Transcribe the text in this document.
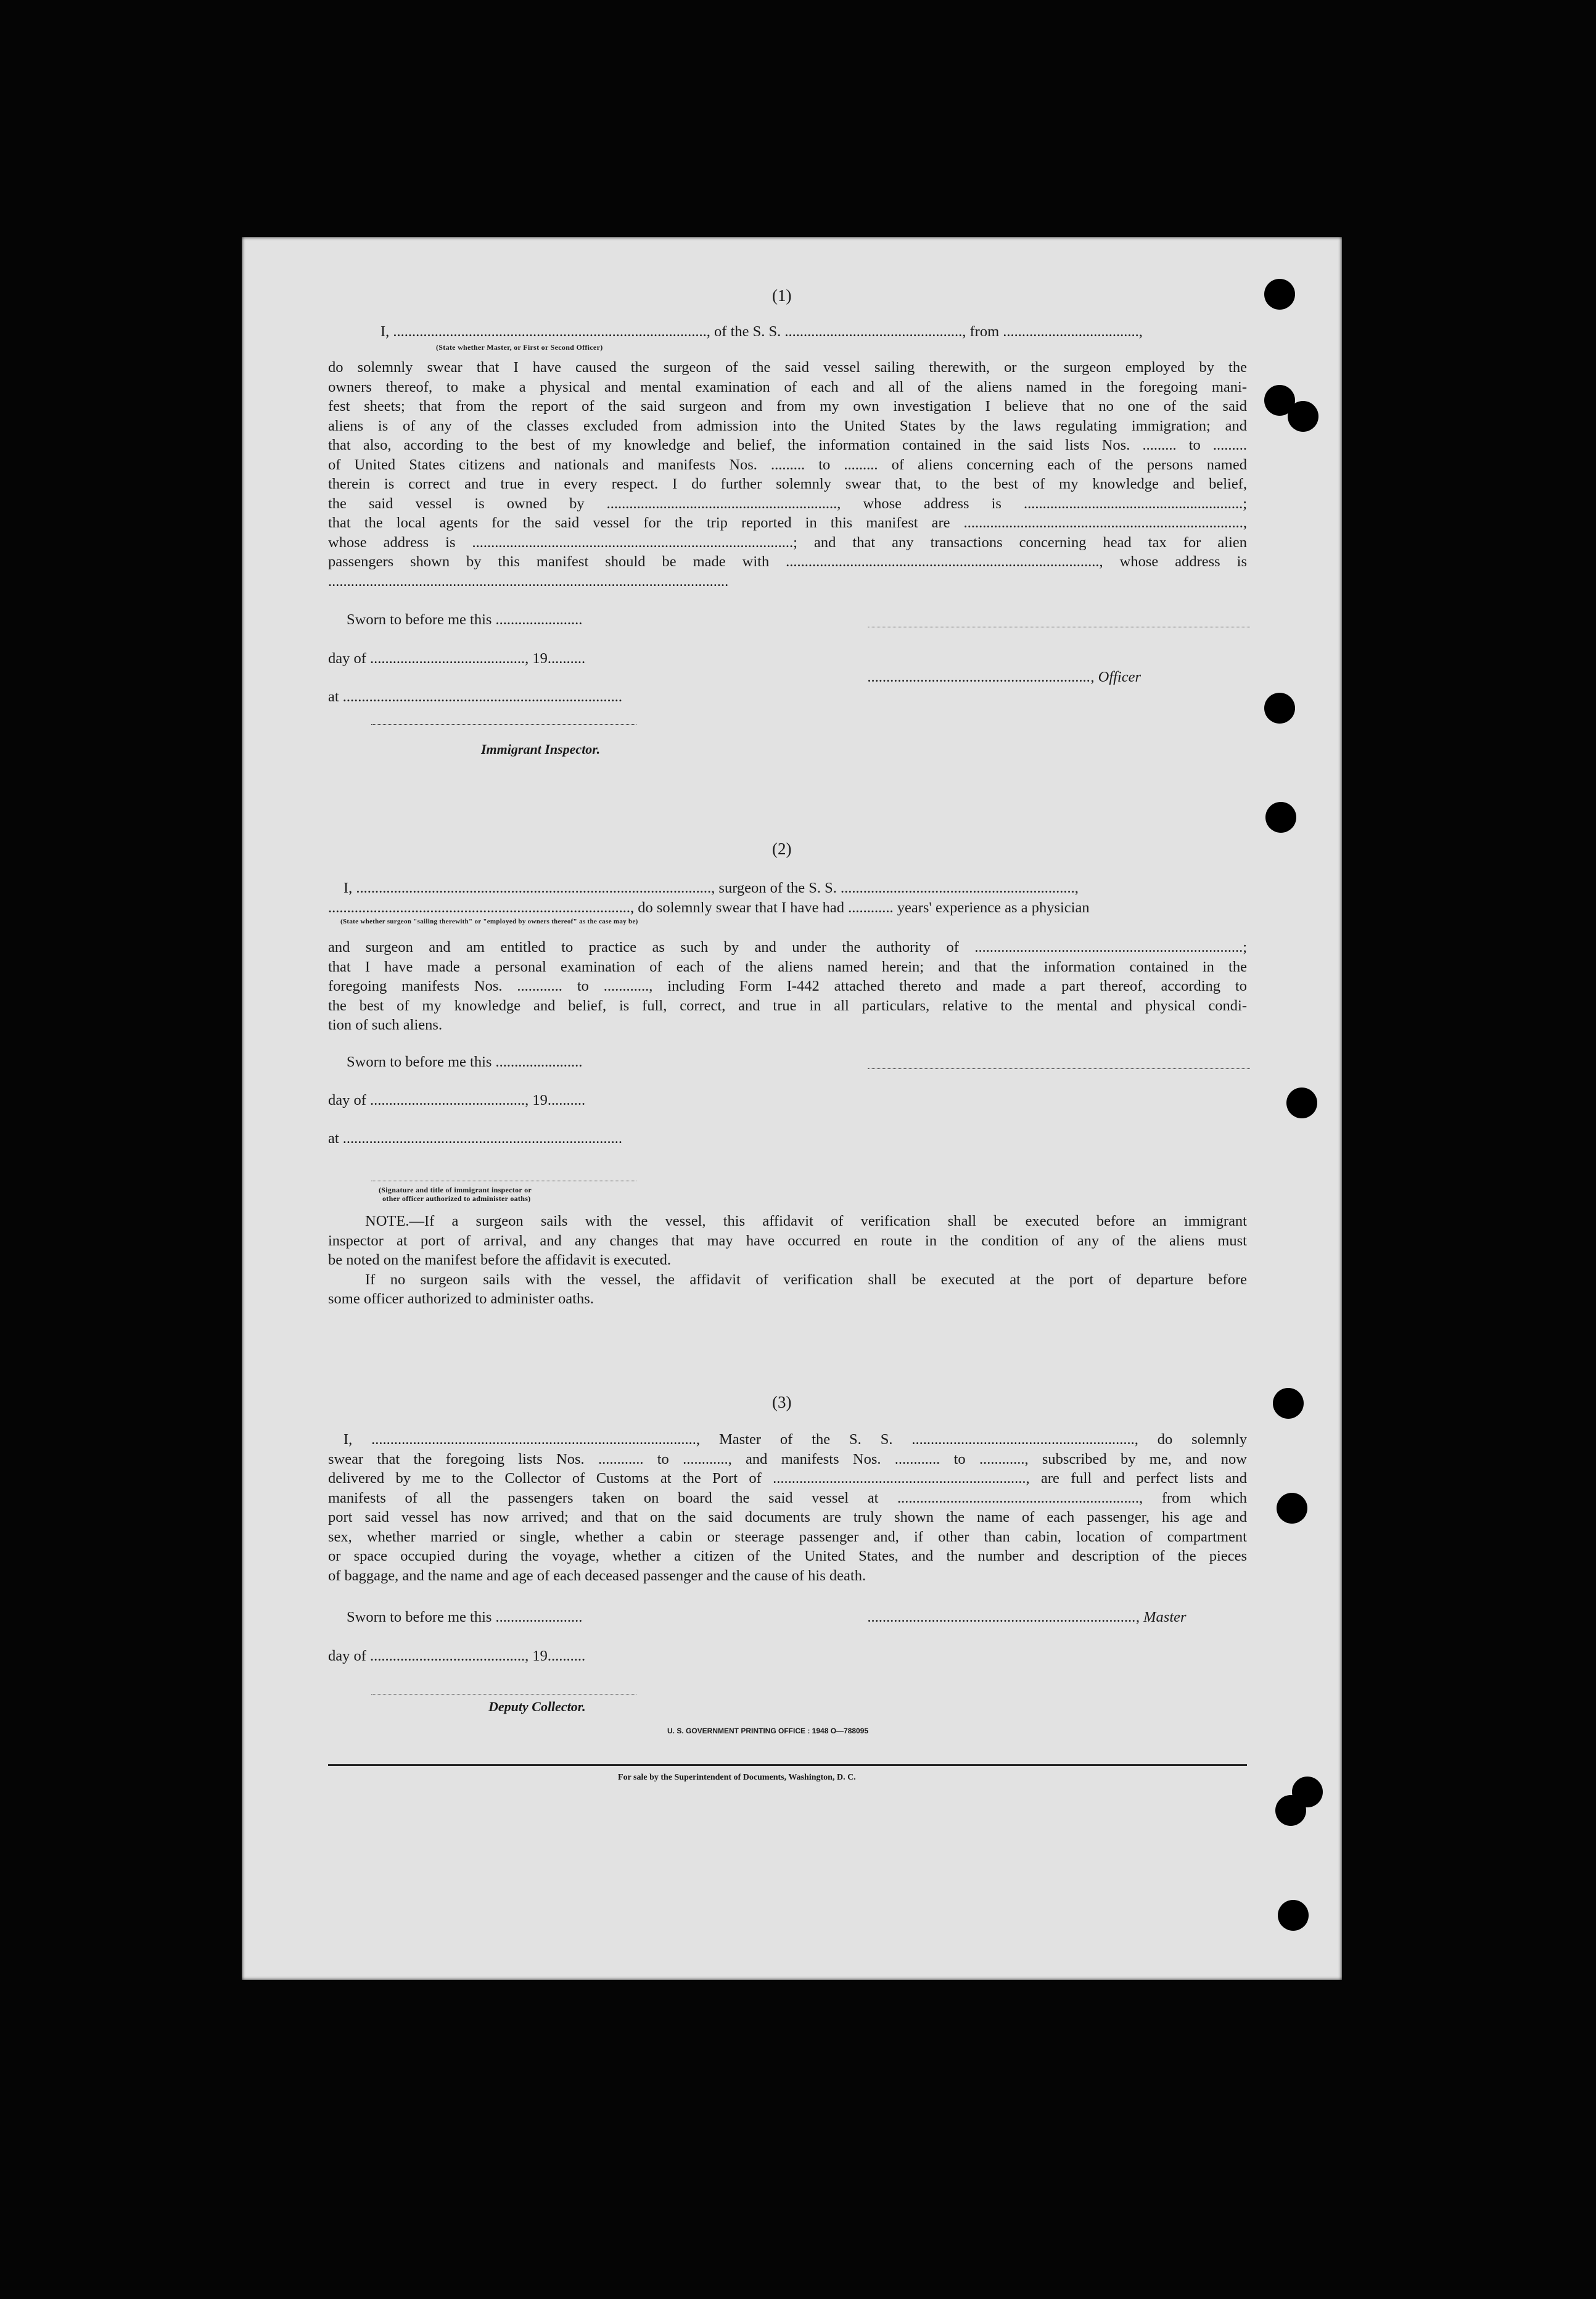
(1)
I, ..................................................................................., of the S. S. ..............................................., from ....................................,
(State whether Master, or First or Second Officer)
do solemnly swear that I have caused the surgeon of the said vessel sailing therewith, or the surgeon employed by the
owners thereof, to make a physical and mental examination of each and all of the aliens named in the foregoing mani-
fest sheets; that from the report of the said surgeon and from my own investigation I believe that no one of the said
aliens is of any of the classes excluded from admission into the United States by the laws regulating immigration; and
that also, according to the best of my knowledge and belief, the information contained in the said lists Nos. ......... to .........
of United States citizens and nationals and manifests Nos. ......... to ......... of aliens concerning each of the persons named
therein is correct and true in every respect. I do further solemnly swear that, to the best of my knowledge and belief,
the said vessel is owned by ............................................................., whose address is ..........................................................;
that the local agents for the said vessel for the trip reported in this manifest are ..........................................................................,
whose address is .....................................................................................; and that any transactions concerning head tax for alien
passengers shown by this manifest should be made with ..................................................................................., whose address is
..........................................................................................................
Sworn to before me this .......................
day of ........................................., 19..........
..........................................................., Officer
at ..........................................................................
Immigrant Inspector.
(2)
I, .............................................................................................., surgeon of the S. S. ..............................................................,
................................................................................, do solemnly swear that I have had ............ years' experience as a physician
(State whether surgeon "sailing therewith" or "employed by owners thereof" as the case may be)
and surgeon and am entitled to practice as such by and under the authority of .......................................................................;
that I have made a personal examination of each of the aliens named herein; and that the information contained in the
foregoing manifests Nos. ............ to ............, including Form I-442 attached thereto and made a part thereof, according to
the best of my knowledge and belief, is full, correct, and true in all particulars, relative to the mental and physical condi-
tion of such aliens.
Sworn to before me this .......................
day of ........................................., 19..........
at ..........................................................................
(Signature and title of immigrant inspector or
other officer authorized to administer oaths)
NOTE.—If a surgeon sails with the vessel, this affidavit of verification shall be executed before an immigrant
inspector at port of arrival, and any changes that may have occurred en route in the condition of any of the aliens must
be noted on the manifest before the affidavit is executed.
If no surgeon sails with the vessel, the affidavit of verification shall be executed at the port of departure before
some officer authorized to administer oaths.
(3)
I, ......................................................................................, Master of the S. S. ..........................................................., do solemnly
swear that the foregoing lists Nos. ............ to ............, and manifests Nos. ............ to ............, subscribed by me, and now
delivered by me to the Collector of Customs at the Port of ..................................................................., are full and perfect lists and
manifests of all the passengers taken on board the said vessel at ................................................................, from which
port said vessel has now arrived; and that on the said documents are truly shown the name of each passenger, his age and
sex, whether married or single, whether a cabin or steerage passenger and, if other than cabin, location of compartment
or space occupied during the voyage, whether a citizen of the United States, and the number and description of the pieces
of baggage, and the name and age of each deceased passenger and the cause of his death.
Sworn to before me this .......................	......................................................................., Master
day of ........................................., 19..........
Deputy Collector.
U. S. GOVERNMENT PRINTING OFFICE : 1948 O—788095
For sale by the Superintendent of Documents, Washington, D. C.
